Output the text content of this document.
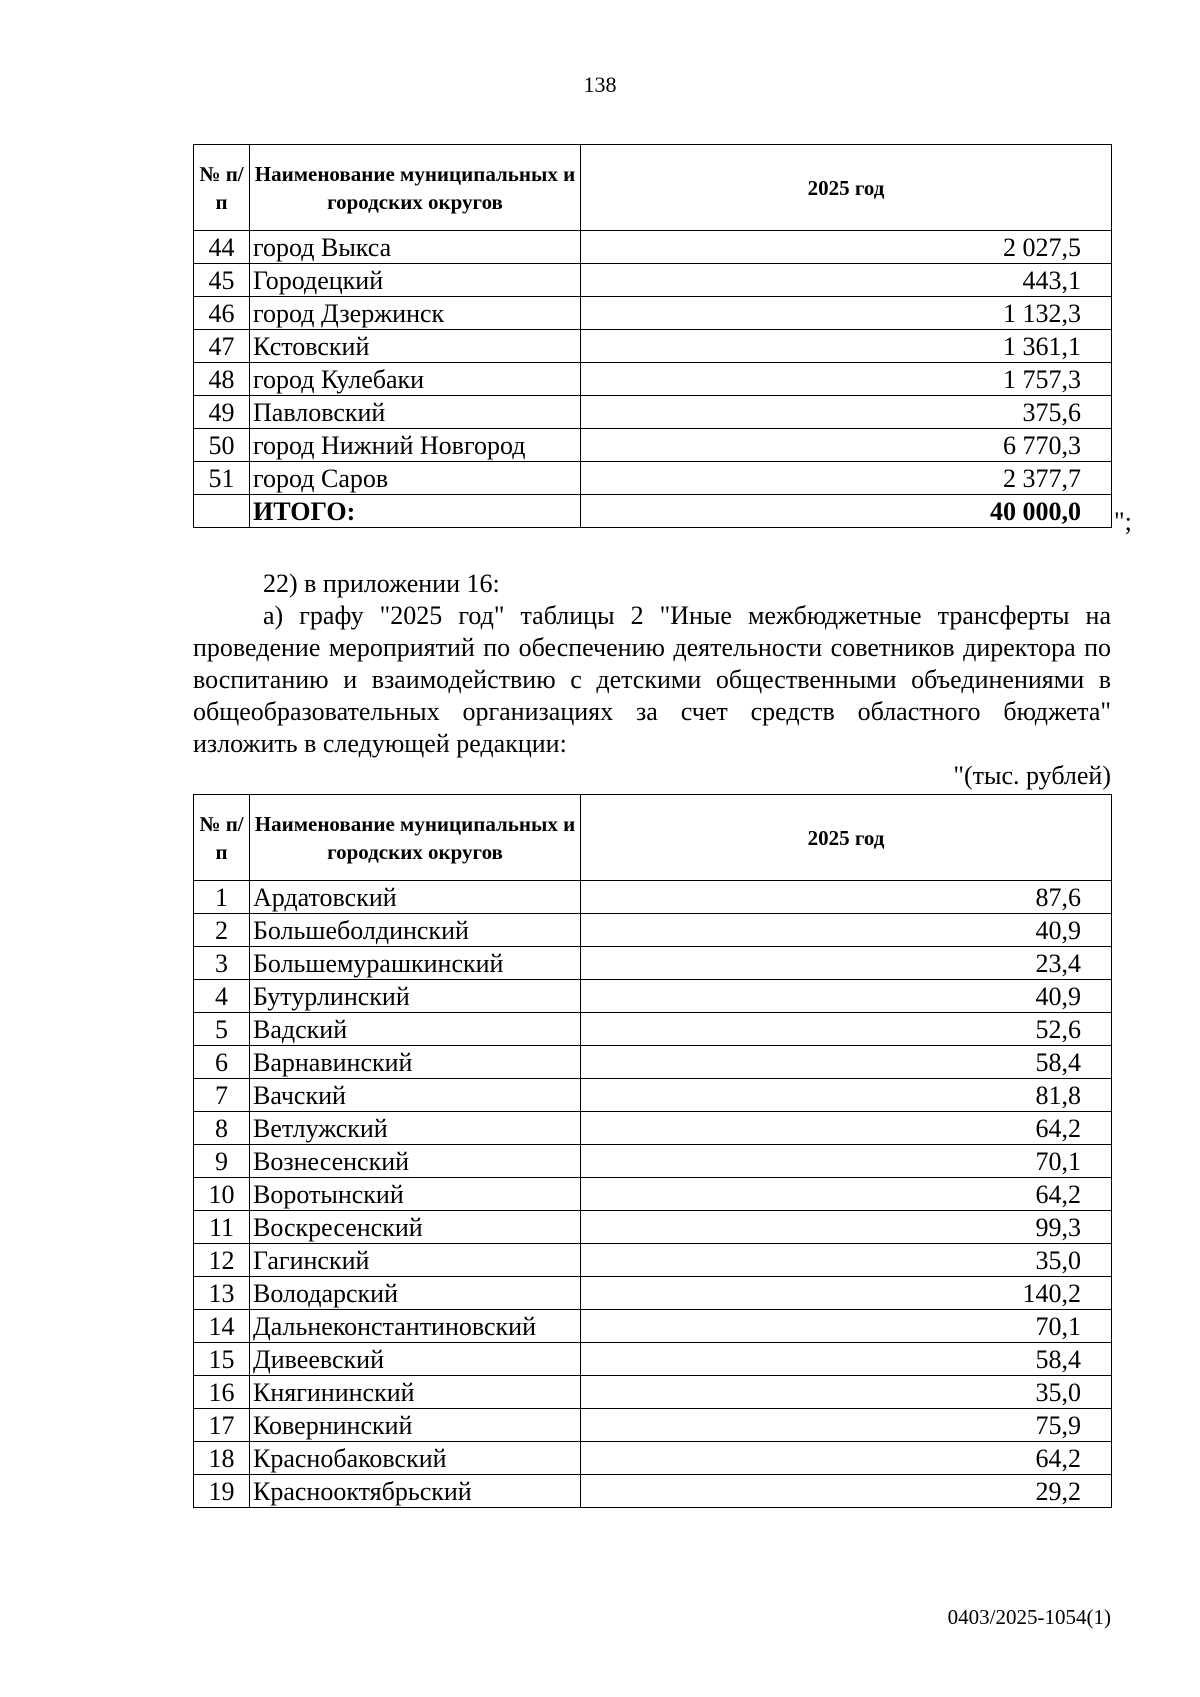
138
№ п/п	Наименование муниципальных и городских округов	2025 год
44	город Выкса	2 027,5
45	Городецкий	443,1
46	город Дзержинск	1 132,3
47	Кстовский	1 361,1
48	город Кулебаки	1 757,3
49	Павловский	375,6
50	город Нижний Новгород	6 770,3
51	город Саров	2 377,7
	ИТОГО:	40 000,0 ";
22) в приложении 16:
а) графу "2025 год" таблицы 2 "Иные межбюджетные трансферты на проведение мероприятий по обеспечению деятельности советников директора по воспитанию и взаимодействию с детскими общественными объединениями в общеобразовательных организациях за счет средств областного бюджета" изложить в следующей редакции:
"(тыс. рублей)
№ п/п	Наименование муниципальных и городских округов	2025 год
1	Ардатовский	87,6
2	Большеболдинский	40,9
3	Большемурашкинский	23,4
4	Бутурлинский	40,9
5	Вадский	52,6
6	Варнавинский	58,4
7	Вачский	81,8
8	Ветлужский	64,2
9	Вознесенский	70,1
10	Воротынский	64,2
11	Воскресенский	99,3
12	Гагинский	35,0
13	Володарский	140,2
14	Дальнеконстантиновский	70,1
15	Дивеевский	58,4
16	Княгининский	35,0
17	Ковернинский	75,9
18	Краснобаковский	64,2
19	Краснооктябрьский	29,2
0403/2025-1054(1)
